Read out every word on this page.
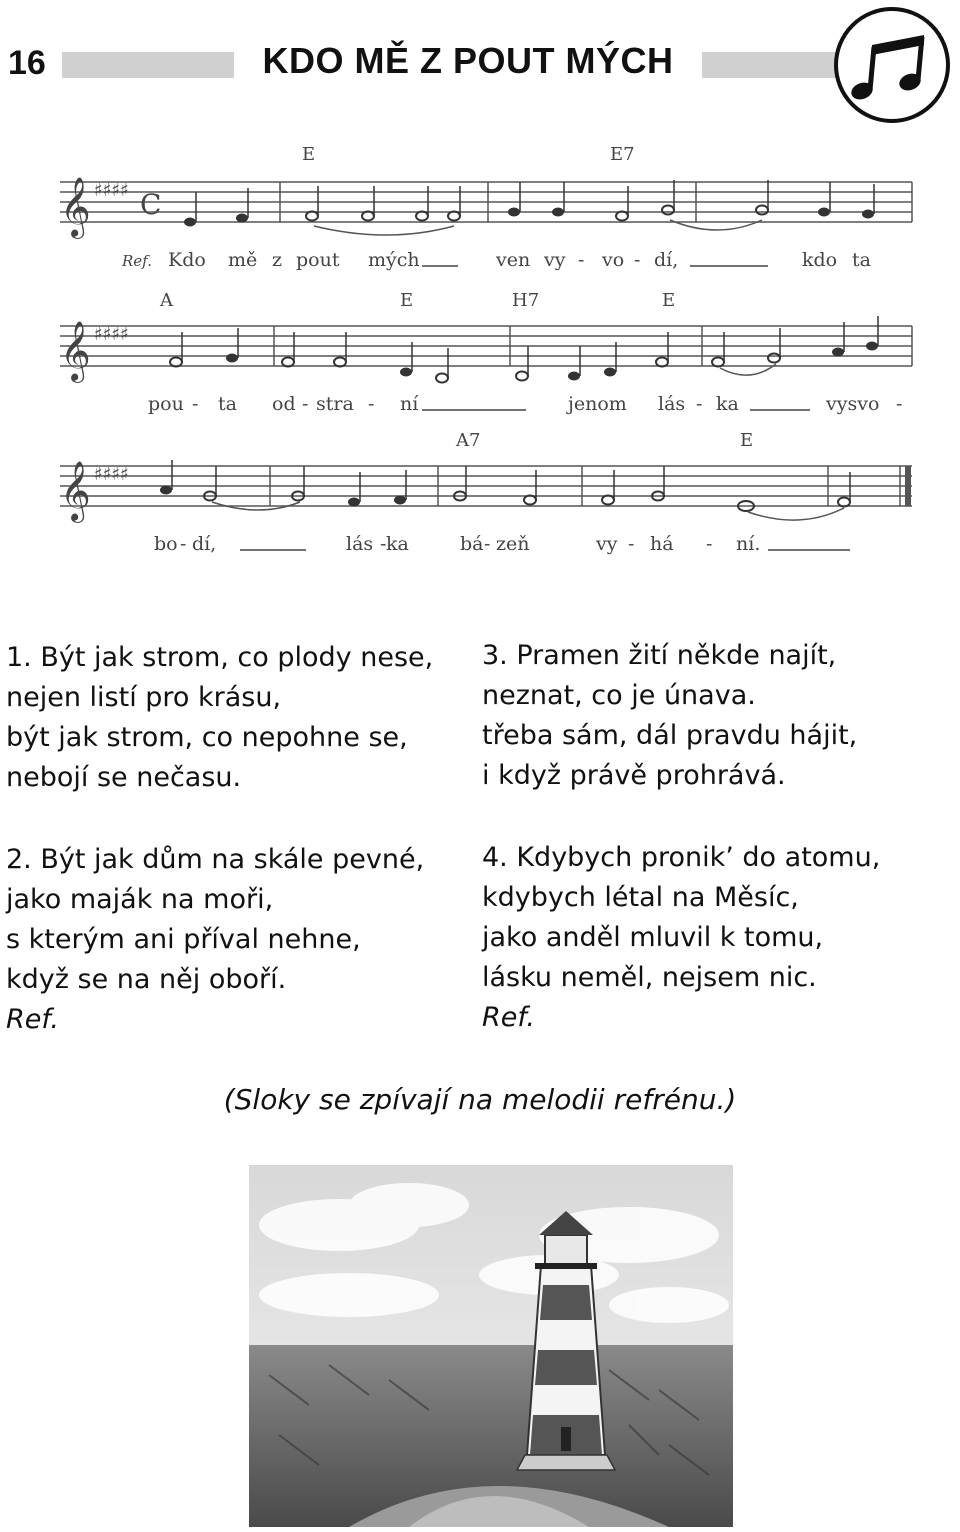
16	KDO MĚ Z POUT MÝCH
𝄞 ♯♯♯♯ C
E	E7
Ref. Kdo mě z pout mých	ven vy - vo - dí,	kdo ta
𝄞 ♯♯♯♯
A	E	H7	E
pou - ta od - stra - ní	jenom lás - ka	vysvo -
𝄞 ♯♯♯♯
A7	E
bo - dí,	lás - ka	bá - zeň	vy - há - ní.
1. Být jak strom, co plody nese,
nejen listí pro krásu,
být jak strom, co nepohne se,
nebojí se nečasu.
2. Být jak dům na skále pevné,
jako maják na moři,
s kterým ani příval nehne,
když se na něj oboří.
Ref.
3. Pramen žití někde najít,
neznat, co je únava.
třeba sám, dál pravdu hájit,
i když právě prohrává.
4. Kdybych pronik’ do atomu,
kdybych létal na Měsíc,
jako anděl mluvil k tomu,
lásku neměl, nejsem nic.
Ref.
(Sloky se zpívají na melodii refrénu.)
